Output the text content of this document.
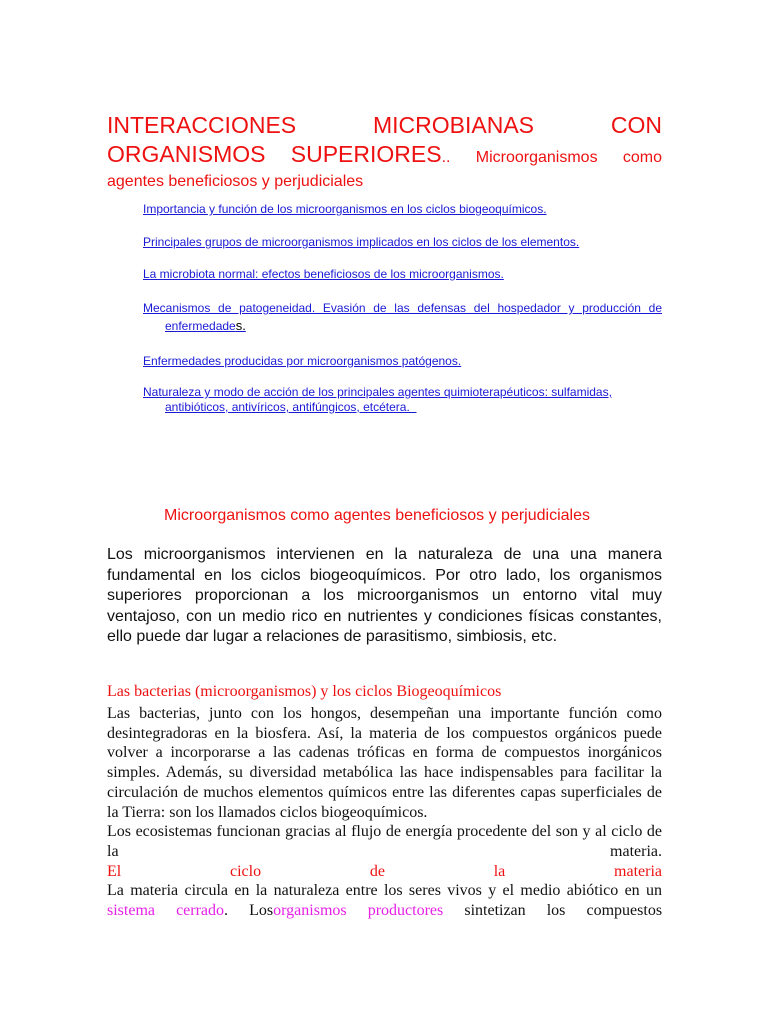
INTERACCIONES	MICROBIANAS	CON
ORGANISMOS SUPERIORES.. Microorganismos como
agentes beneficiosos y perjudiciales
Importancia y función de los microorganismos en los ciclos biogeoquímicos.
Principales grupos de microorganismos implicados en los ciclos de los elementos.
La microbiota normal: efectos beneficiosos de los microorganismos.
Mecanismos de patogeneidad. Evasión de las defensas del hospedador y producción de
enfermedades.
Enfermedades producidas por microorganismos patógenos.
Naturaleza y modo de acción de los principales agentes quimioterapéuticos: sulfamidas,
antibióticos, antivíricos, antifúngicos, etcétera.
Microorganismos como agentes beneficiosos y perjudiciales
Los microorganismos intervienen en la naturaleza de una una manera fundamental en los ciclos biogeoquímicos. Por otro lado, los organismos superiores proporcionan a los microorganismos un entorno vital muy ventajoso, con un medio rico en nutrientes y condiciones físicas constantes, ello puede dar lugar a relaciones de parasitismo, simbiosis, etc.
Las bacterias (microorganismos) y los ciclos Biogeoquímicos

Las bacterias, junto con los hongos, desempeñan una importante función como desintegradoras en la biosfera. Así, la materia de los compuestos orgánicos puede volver a incorporarse a las cadenas tróficas en forma de compuestos inorgánicos simples. Además, su diversidad metabólica las hace indispensables para facilitar la circulación de muchos elementos químicos entre las diferentes capas superficiales de la Tierra: son los llamados ciclos biogeoquímicos.

Los ecosistemas funcionan gracias al flujo de energía procedente del son y al ciclo de la materia.

El	ciclo	de	la	materia

La materia circula en la naturaleza entre los seres vivos y el medio abiótico en un sistema cerrado. Losorganismos productores sintetizan los compuestos
